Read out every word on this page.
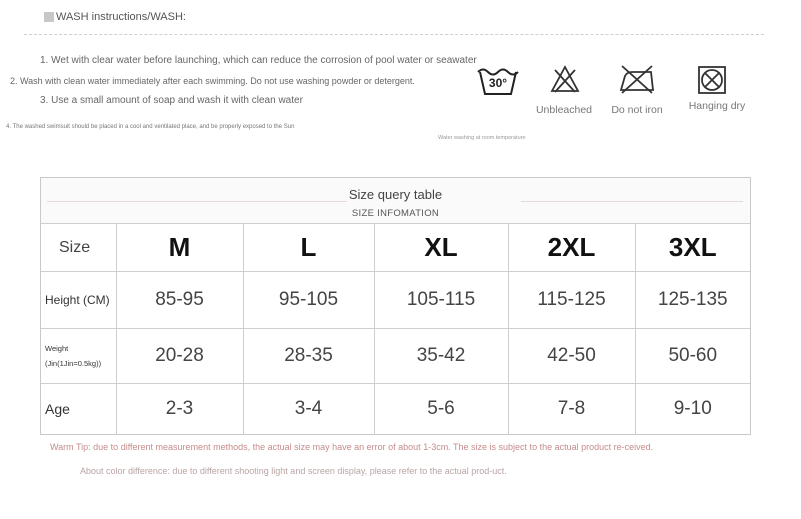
WASH instructions/WASH:
1. Wet with clear water before launching, which can reduce the corrosion of pool water or seawater
2. Wash with clean water immediately after each swimming. Do not use washing powder or detergent.
3. Use a small amount of soap and wash it with clean water
4. The washed swimsuit should be placed in a cool and ventilated place, and be properly exposed to the Sun
30°
Water washing at room temperature
Unbleached	Do not iron	Hanging dry
Size query table
SIZE INFOMATION
Size	M	L	XL	2XL	3XL
Height (CM)	85-95	95-105	105-115	115-125	125-135

Weight
(Jin(1Jin=0.5kg))	20-28	28-35	35-42	42-50	50-60
Age	2-3	3-4	5-6	7-8	9-10
Warm Tip: due to different measurement methods, the actual size may have an error of about 1-3cm. The size is subject to the actual product re-ceived.
About color difference: due to different shooting light and screen display, please refer to the actual prod-uct.
